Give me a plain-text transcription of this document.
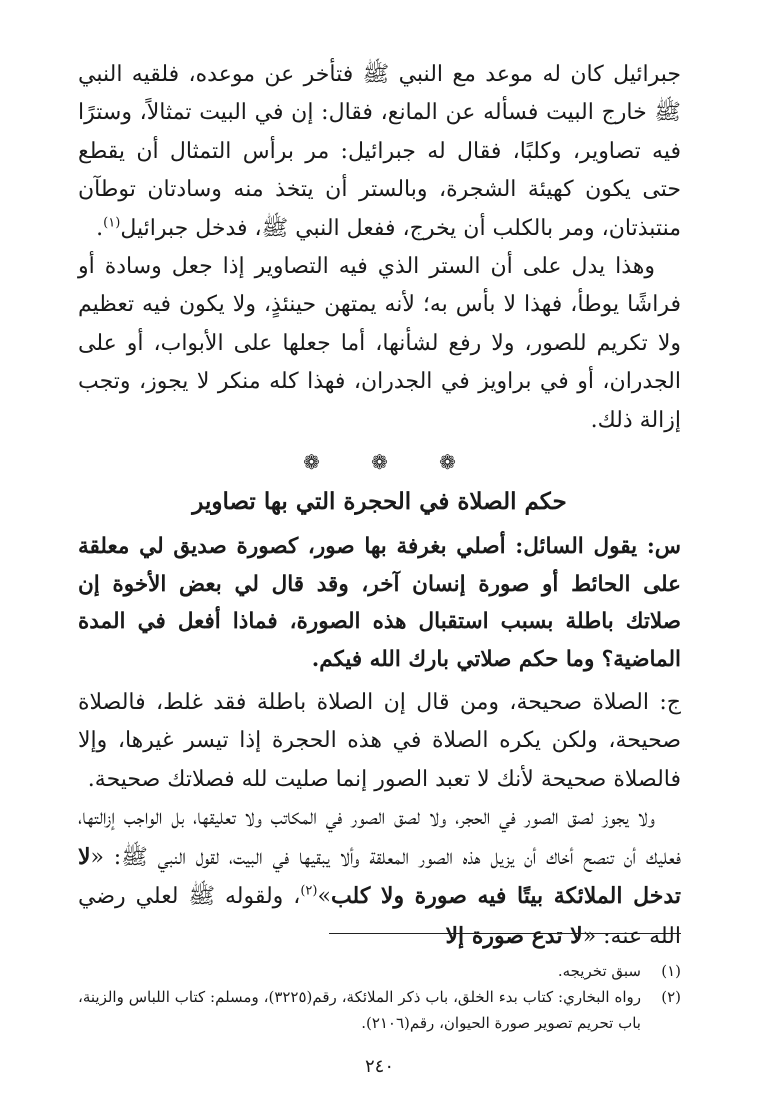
جبرائيل كان له موعد مع النبي ﷺ فتأخر عن موعده، فلقيه النبي ﷺ خارج البيت فسأله عن المانع، فقال: إن في البيت تمثالاً، وسترًا فيه تصاوير، وكلبًا، فقال له جبرائيل: مر برأس التمثال أن يقطع حتى يكون كهيئة الشجرة، وبالستر أن يتخذ منه وسادتان توطآن منتبذتان، ومر بالكلب أن يخرج، ففعل النبي ﷺ، فدخل جبرائيل$^{(١)}$.

وهذا يدل على أن الستر الذي فيه التصاوير إذا جعل وسادة أو فراشًا يوطأ، فهذا لا بأس به؛ لأنه يمتهن حينئذٍ، ولا يكون فيه تعظيم ولا تكريم للصور، ولا رفع لشأنها، أما جعلها على الأبواب، أو على الجدران، أو في براويز في الجدران، فهذا كله منكر لا يجوز، وتجب إزالة ذلك.

❁	❁	❁
حكم الصلاة في الحجرة التي بها تصاوير

س: يقول السائل: أصلي بغرفة بها صور، كصورة صديق لي معلقة على الحائط أو صورة إنسان آخر، وقد قال لي بعض الأخوة إن صلاتك باطلة بسبب استقبال هذه الصورة، فماذا أفعل في المدة الماضية؟ وما حكم صلاتي بارك الله فيكم.

ج: الصلاة صحيحة، ومن قال إن الصلاة باطلة فقد غلط، فالصلاة صحيحة، ولكن يكره الصلاة في هذه الحجرة إذا تيسر غيرها، وإلا فالصلاة صحيحة لأنك لا تعبد الصور إنما صليت لله فصلاتك صحيحة.

ولا يجوز لصق الصور في الحجر، ولا لصق الصور في المكاتب ولا تعليقها، بل الواجب إزالتها، فعليك أن تنصح أخاك أن يزيل هذه الصور المعلقة وألا يبقيها في البيت، لقول النبي ﷺ: «لا تدخل الملائكة بيتًا فيه صورة ولا كلب»$^{(٢)}$، ولقوله ﷺ لعلي رضي الله عنه: «لا تدع صورة إلا

(١)
سبق تخريجه.
(٢)
رواه البخاري: كتاب بدء الخلق، باب ذكر الملائكة، رقم(٣٢٢٥)، ومسلم: كتاب اللباس والزينة، باب تحريم تصوير صورة الحيوان، رقم(٢١٠٦).
٢٤٠
